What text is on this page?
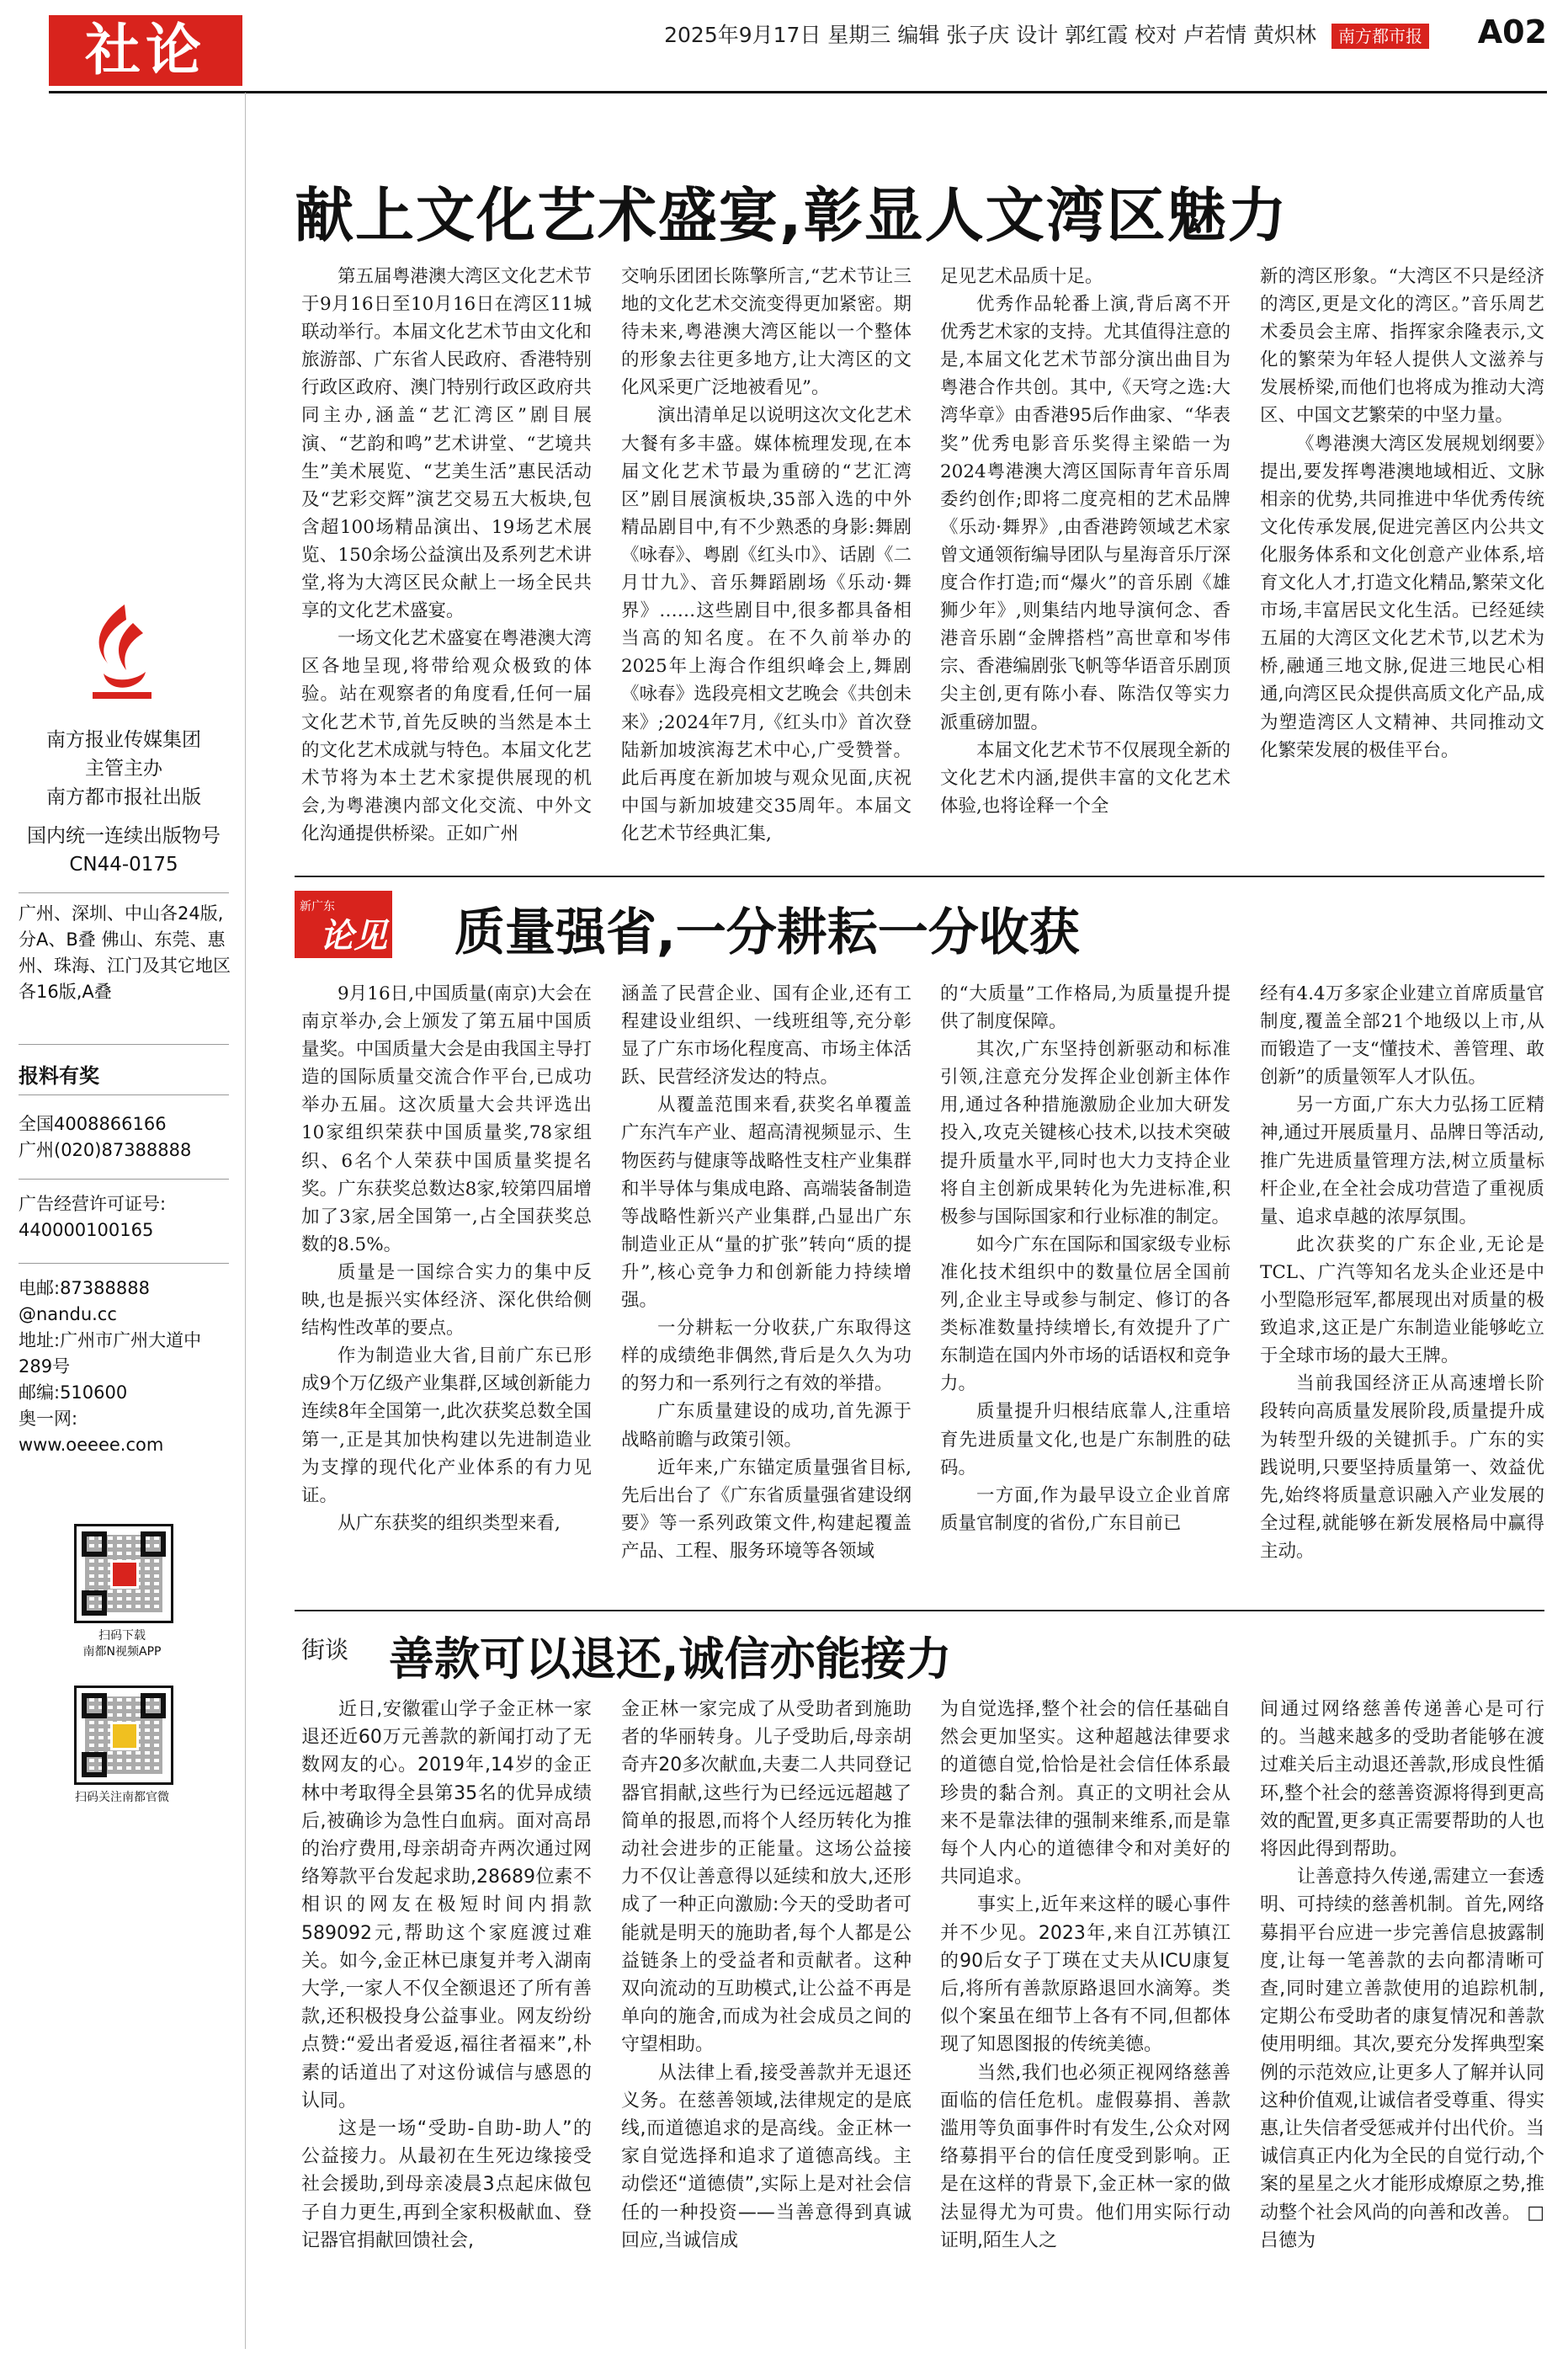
社论	2025年9月17日 星期三 编辑 张子庆 设计 郭红霞 校对 卢若情 黄炽林 南方都市报 A02
南方报业传媒集团
主管主办
南方都市报社出版
国内统一连续出版物号
CN44-0175
广州、深圳、中山各24版,分A、B叠 佛山、东莞、惠州、珠海、江门及其它地区各16版,A叠
报料有奖
全国4008866166
广州(020)87388888
广告经营许可证号:
440000100165
电邮:87388888
@nandu.cc
地址:广州市广州大道中
289号
邮编:510600
奥一网:
www.oeeee.com
扫码下载
南都N视频APP
扫码关注南都官微
献上文化艺术盛宴,彰显人文湾区魅力

第五届粤港澳大湾区文化艺术节于9月16日至10月16日在湾区11城联动举行。本届文化艺术节由文化和旅游部、广东省人民政府、香港特别行政区政府、澳门特别行政区政府共同主办,涵盖“艺汇湾区”剧目展演、“艺韵和鸣”艺术讲堂、“艺境共生”美术展览、“艺美生活”惠民活动及“艺彩交辉”演艺交易五大板块,包含超100场精品演出、19场艺术展览、150余场公益演出及系列艺术讲堂,将为大湾区民众献上一场全民共享的文化艺术盛宴。

一场文化艺术盛宴在粤港澳大湾区各地呈现,将带给观众极致的体验。站在观察者的角度看,任何一届文化艺术节,首先反映的当然是本土的文化艺术成就与特色。本届文化艺术节将为本土艺术家提供展现的机会,为粤港澳内部文化交流、中外文化沟通提供桥梁。正如广州

交响乐团团长陈擎所言,“艺术节让三地的文化艺术交流变得更加紧密。期待未来,粤港澳大湾区能以一个整体的形象去往更多地方,让大湾区的文化风采更广泛地被看见”。

演出清单足以说明这次文化艺术大餐有多丰盛。媒体梳理发现,在本届文化艺术节最为重磅的“艺汇湾区”剧目展演板块,35部入选的中外精品剧目中,有不少熟悉的身影:舞剧《咏春》、粤剧《红头巾》、话剧《二月廿九》、音乐舞蹈剧场《乐动·舞界》……这些剧目中,很多都具备相当高的知名度。在不久前举办的2025年上海合作组织峰会上,舞剧《咏春》选段亮相文艺晚会《共创未来》;2024年7月,《红头巾》首次登陆新加坡滨海艺术中心,广受赞誉。此后再度在新加坡与观众见面,庆祝中国与新加坡建交35周年。本届文化艺术节经典汇集,

足见艺术品质十足。

优秀作品轮番上演,背后离不开优秀艺术家的支持。尤其值得注意的是,本届文化艺术节部分演出曲目为粤港合作共创。其中,《天穹之选:大湾华章》由香港95后作曲家、“华表奖”优秀电影音乐奖得主梁皓一为2024粤港澳大湾区国际青年音乐周委约创作;即将二度亮相的艺术品牌《乐动·舞界》,由香港跨领域艺术家曾文通领衔编导团队与星海音乐厅深度合作打造;而“爆火”的音乐剧《雄狮少年》,则集结内地导演何念、香港音乐剧“金牌搭档”高世章和岑伟宗、香港编剧张飞帆等华语音乐剧顶尖主创,更有陈小春、陈浩仅等实力派重磅加盟。

本届文化艺术节不仅展现全新的文化艺术内涵,提供丰富的文化艺术体验,也将诠释一个全

新的湾区形象。“大湾区不只是经济的湾区,更是文化的湾区。”音乐周艺术委员会主席、指挥家余隆表示,文化的繁荣为年轻人提供人文滋养与发展桥梁,而他们也将成为推动大湾区、中国文艺繁荣的中坚力量。

《粤港澳大湾区发展规划纲要》提出,要发挥粤港澳地域相近、文脉相亲的优势,共同推进中华优秀传统文化传承发展,促进完善区内公共文化服务体系和文化创意产业体系,培育文化人才,打造文化精品,繁荣文化市场,丰富居民文化生活。已经延续五届的大湾区文化艺术节,以艺术为桥,融通三地文脉,促进三地民心相通,向湾区民众提供高质文化产品,成为塑造湾区人文精神、共同推动文化繁荣发展的极佳平台。

新广东
论见 质量强省,一分耕耘一分收获

9月16日,中国质量(南京)大会在南京举办,会上颁发了第五届中国质量奖。中国质量大会是由我国主导打造的国际质量交流合作平台,已成功举办五届。这次质量大会共评选出10家组织荣获中国质量奖,78家组织、6名个人荣获中国质量奖提名奖。广东获奖总数达8家,较第四届增加了3家,居全国第一,占全国获奖总数的8.5%。

质量是一国综合实力的集中反映,也是振兴实体经济、深化供给侧结构性改革的要点。

作为制造业大省,目前广东已形成9个万亿级产业集群,区域创新能力连续8年全国第一,此次获奖总数全国第一,正是其加快构建以先进制造业为支撑的现代化产业体系的有力见证。

从广东获奖的组织类型来看,

涵盖了民营企业、国有企业,还有工程建设业组织、一线班组等,充分彰显了广东市场化程度高、市场主体活跃、民营经济发达的特点。

从覆盖范围来看,获奖名单覆盖广东汽车产业、超高清视频显示、生物医药与健康等战略性支柱产业集群和半导体与集成电路、高端装备制造等战略性新兴产业集群,凸显出广东制造业正从“量的扩张”转向“质的提升”,核心竞争力和创新能力持续增强。

一分耕耘一分收获,广东取得这样的成绩绝非偶然,背后是久久为功的努力和一系列行之有效的举措。

广东质量建设的成功,首先源于战略前瞻与政策引领。

近年来,广东锚定质量强省目标,先后出台了《广东省质量强省建设纲要》等一系列政策文件,构建起覆盖产品、工程、服务环境等各领域

的“大质量”工作格局,为质量提升提供了制度保障。

其次,广东坚持创新驱动和标准引领,注意充分发挥企业创新主体作用,通过各种措施激励企业加大研发投入,攻克关键核心技术,以技术突破提升质量水平,同时也大力支持企业将自主创新成果转化为先进标准,积极参与国际国家和行业标准的制定。

如今广东在国际和国家级专业标准化技术组织中的数量位居全国前列,企业主导或参与制定、修订的各类标准数量持续增长,有效提升了广东制造在国内外市场的话语权和竞争力。

质量提升归根结底靠人,注重培育先进质量文化,也是广东制胜的砝码。

一方面,作为最早设立企业首席质量官制度的省份,广东目前已

经有4.4万多家企业建立首席质量官制度,覆盖全部21个地级以上市,从而锻造了一支“懂技术、善管理、敢创新”的质量领军人才队伍。

另一方面,广东大力弘扬工匠精神,通过开展质量月、品牌日等活动,推广先进质量管理方法,树立质量标杆企业,在全社会成功营造了重视质量、追求卓越的浓厚氛围。

此次获奖的广东企业,无论是TCL、广汽等知名龙头企业还是中小型隐形冠军,都展现出对质量的极致追求,这正是广东制造业能够屹立于全球市场的最大王牌。

当前我国经济正从高速增长阶段转向高质量发展阶段,质量提升成为转型升级的关键抓手。广东的实践说明,只要坚持质量第一、效益优先,始终将质量意识融入产业发展的全过程,就能够在新发展格局中赢得主动。

街谈 善款可以退还,诚信亦能接力

近日,安徽霍山学子金正林一家退还近60万元善款的新闻打动了无数网友的心。2019年,14岁的金正林中考取得全县第35名的优异成绩后,被确诊为急性白血病。面对高昂的治疗费用,母亲胡奇卉两次通过网络筹款平台发起求助,28689位素不相识的网友在极短时间内捐款589092元,帮助这个家庭渡过难关。如今,金正林已康复并考入湖南大学,一家人不仅全额退还了所有善款,还积极投身公益事业。网友纷纷点赞:“爱出者爱返,福往者福来”,朴素的话道出了对这份诚信与感恩的认同。

这是一场“受助-自助-助人”的公益接力。从最初在生死边缘接受社会援助,到母亲凌晨3点起床做包子自力更生,再到全家积极献血、登记器官捐献回馈社会,

金正林一家完成了从受助者到施助者的华丽转身。儿子受助后,母亲胡奇卉20多次献血,夫妻二人共同登记器官捐献,这些行为已经远远超越了简单的报恩,而将个人经历转化为推动社会进步的正能量。这场公益接力不仅让善意得以延续和放大,还形成了一种正向激励:今天的受助者可能就是明天的施助者,每个人都是公益链条上的受益者和贡献者。这种双向流动的互助模式,让公益不再是单向的施舍,而成为社会成员之间的守望相助。

从法律上看,接受善款并无退还义务。在慈善领域,法律规定的是底线,而道德追求的是高线。金正林一家自觉选择和追求了道德高线。主动偿还“道德债”,实际上是对社会信任的一种投资——当善意得到真诚回应,当诚信成

为自觉选择,整个社会的信任基础自然会更加坚实。这种超越法律要求的道德自觉,恰恰是社会信任体系最珍贵的黏合剂。真正的文明社会从来不是靠法律的强制来维系,而是靠每个人内心的道德律令和对美好的共同追求。

事实上,近年来这样的暖心事件并不少见。2023年,来自江苏镇江的90后女子丁瑛在丈夫从ICU康复后,将所有善款原路退回水滴筹。类似个案虽在细节上各有不同,但都体现了知恩图报的传统美德。

当然,我们也必须正视网络慈善面临的信任危机。虚假募捐、善款滥用等负面事件时有发生,公众对网络募捐平台的信任度受到影响。正是在这样的背景下,金正林一家的做法显得尤为可贵。他们用实际行动证明,陌生人之

间通过网络慈善传递善心是可行的。当越来越多的受助者能够在渡过难关后主动退还善款,形成良性循环,整个社会的慈善资源将得到更高效的配置,更多真正需要帮助的人也将因此得到帮助。

让善意持久传递,需建立一套透明、可持续的慈善机制。首先,网络募捐平台应进一步完善信息披露制度,让每一笔善款的去向都清晰可查,同时建立善款使用的追踪机制,定期公布受助者的康复情况和善款使用明细。其次,要充分发挥典型案例的示范效应,让更多人了解并认同这种价值观,让诚信者受尊重、得实惠,让失信者受惩戒并付出代价。当诚信真正内化为全民的自觉行动,个案的星星之火才能形成燎原之势,推动整个社会风尚的向善和改善。 □吕德为
